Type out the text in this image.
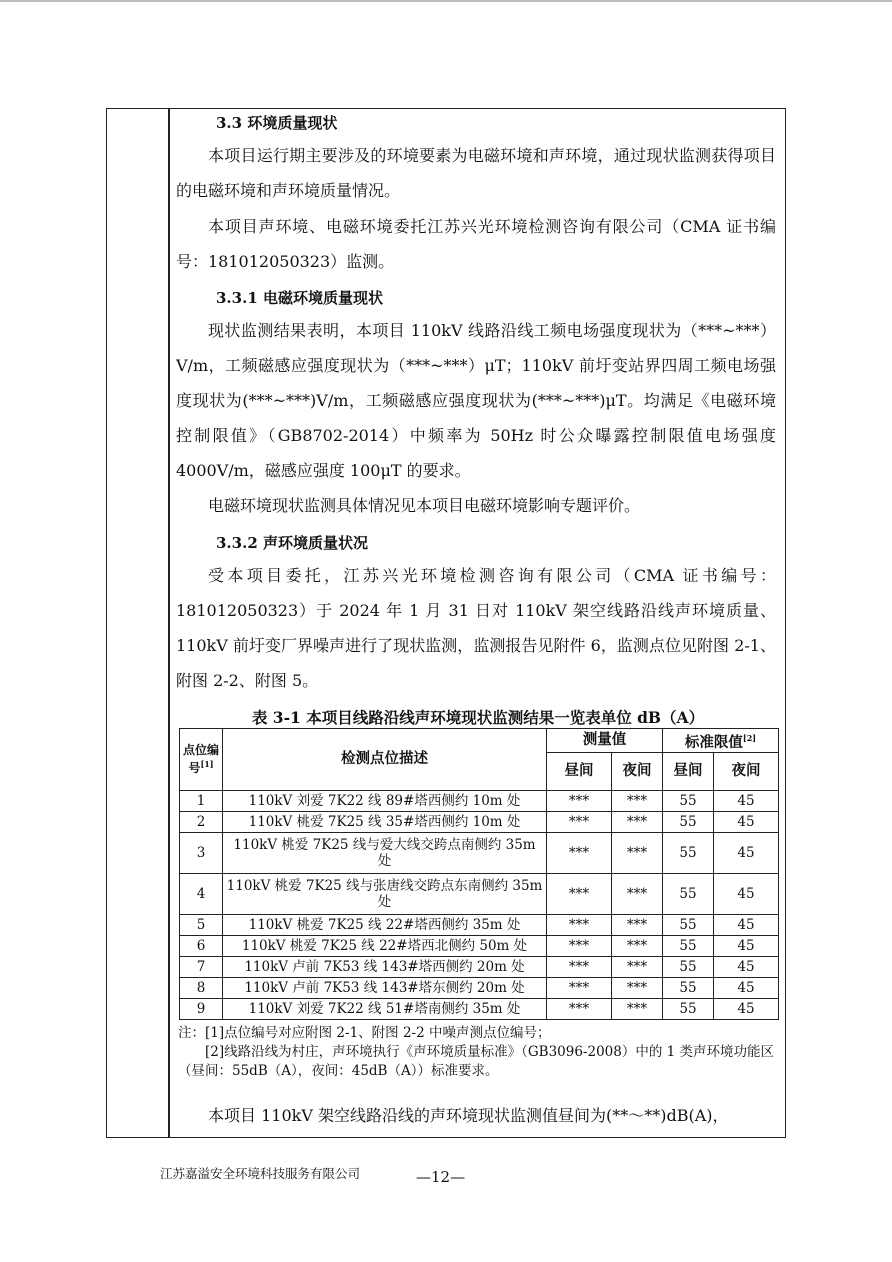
3.3 环境质量现状
本项目运行期主要涉及的环境要素为电磁环境和声环境，通过现状监测获得项目的电磁环境和声环境质量情况。
本项目声环境、电磁环境委托江苏兴光环境检测咨询有限公司（CMA 证书编号：181012050323）监测。
3.3.1 电磁环境质量现状
现状监测结果表明，本项目 110kV 线路沿线工频电场强度现状为（***~***）V/m，工频磁感应强度现状为（***~***）μT；110kV 前圩变站界四周工频电场强度现状为(***~***)V/m，工频磁感应强度现状为(***~***)μT。均满足《电磁环境控制限值》（GB8702-2014）中频率为 50Hz 时公众曝露控制限值电场强度 4000V/m，磁感应强度 100μT 的要求。
电磁环境现状监测具体情况见本项目电磁环境影响专题评价。
3.3.2 声环境质量状况
受本项目委托，江苏兴光环境检测咨询有限公司（CMA 证书编号：181012050323）于 2024 年 1 月 31 日对 110kV 架空线路沿线声环境质量、110kV 前圩变厂界噪声进行了现状监测，监测报告见附件 6，监测点位见附图 2-1、附图 2-2、附图 5。
表 3-1 本项目线路沿线声环境现状监测结果一览表单位 dB（A）
点位编号[1]	检测点位描述	测量值		标准限值[2]
		昼间	夜间	昼间	夜间
1	110kV 刘爱 7K22 线 89#塔西侧约 10m 处	***	***	55	45
2	110kV 桃爱 7K25 线 35#塔西侧约 10m 处	***	***	55	45
3	110kV 桃爱 7K25 线与爱大线交跨点南侧约 35m 处	***	***	55	45
4	110kV 桃爱 7K25 线与张唐线交跨点东南侧约 35m 处	***	***	55	45
5	110kV 桃爱 7K25 线 22#塔西侧约 35m 处	***	***	55	45
6	110kV 桃爱 7K25 线 22#塔西北侧约 50m 处	***	***	55	45
7	110kV 卢前 7K53 线 143#塔西侧约 20m 处	***	***	55	45
8	110kV 卢前 7K53 线 143#塔东侧约 20m 处	***	***	55	45
9	110kV 刘爱 7K22 线 51#塔南侧约 35m 处	***	***	55	45
注：[1]点位编号对应附图 2-1、附图 2-2 中噪声测点位编号；
[2]线路沿线为村庄，声环境执行《声环境质量标准》（GB3096-2008）中的 1 类声环境功能区（昼间：55dB（A），夜间：45dB（A））标准要求。
本项目 110kV 架空线路沿线的声环境现状监测值昼间为(**～**)dB(A)，
江苏嘉溢安全环境科技服务有限公司	—12—
